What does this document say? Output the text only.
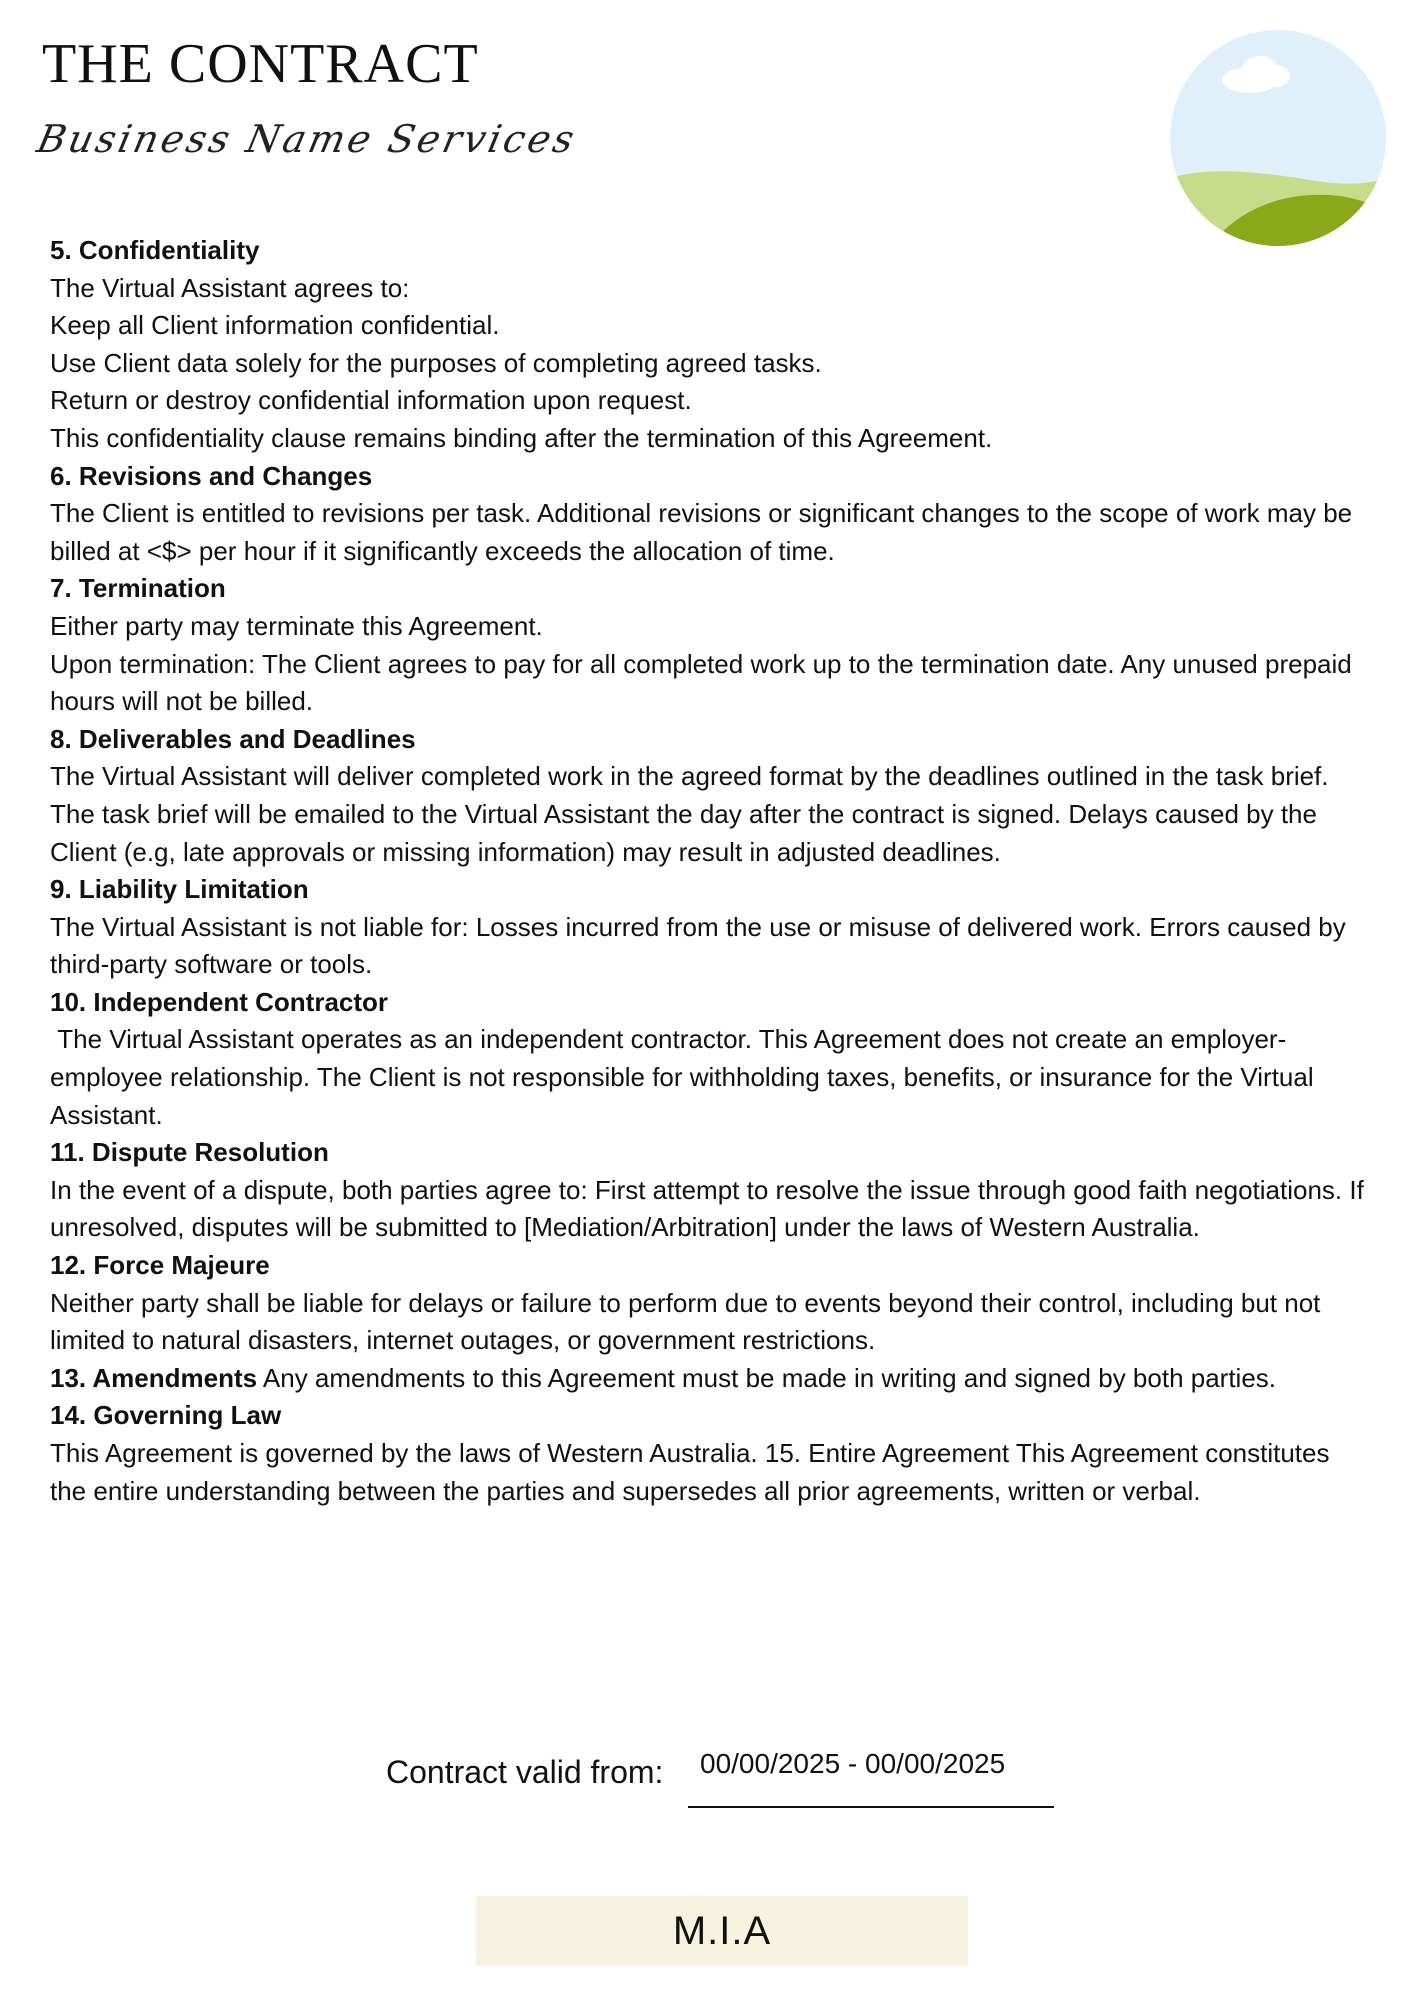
THE CONTRACT
Business Name Services

5. Confidentiality

The Virtual Assistant agrees to:

Keep all Client information confidential.

Use Client data solely for the purposes of completing agreed tasks.

Return or destroy confidential information upon request.

This confidentiality clause remains binding after the termination of this Agreement.

6. Revisions and Changes

The Client is entitled to revisions per task. Additional revisions or significant changes to the scope of work may be billed at <$> per hour if it significantly exceeds the allocation of time.

7. Termination

Either party may terminate this Agreement.

Upon termination: The Client agrees to pay for all completed work up to the termination date. Any unused prepaid hours will not be billed.

8. Deliverables and Deadlines

The Virtual Assistant will deliver completed work in the agreed format by the deadlines outlined in the task brief. The task brief will be emailed to the Virtual Assistant the day after the contract is signed. Delays caused by the Client (e.g, late approvals or missing information) may result in adjusted deadlines.

9. Liability Limitation

The Virtual Assistant is not liable for: Losses incurred from the use or misuse of delivered work. Errors caused by third-party software or tools.

10. Independent Contractor

The Virtual Assistant operates as an independent contractor. This Agreement does not create an employer- employee relationship. The Client is not responsible for withholding taxes, benefits, or insurance for the Virtual Assistant.

11. Dispute Resolution

In the event of a dispute, both parties agree to: First attempt to resolve the issue through good faith negotiations. If unresolved, disputes will be submitted to [Mediation/Arbitration] under the laws of Western Australia.

12. Force Majeure

Neither party shall be liable for delays or failure to perform due to events beyond their control, including but not limited to natural disasters, internet outages, or government restrictions.

13. Amendments Any amendments to this Agreement must be made in writing and signed by both parties.

14. Governing Law

This Agreement is governed by the laws of Western Australia. 15. Entire Agreement This Agreement constitutes the entire understanding between the parties and supersedes all prior agreements, written or verbal.

Contract valid from: 00/00/2025 - 00/00/2025
M.I.A
